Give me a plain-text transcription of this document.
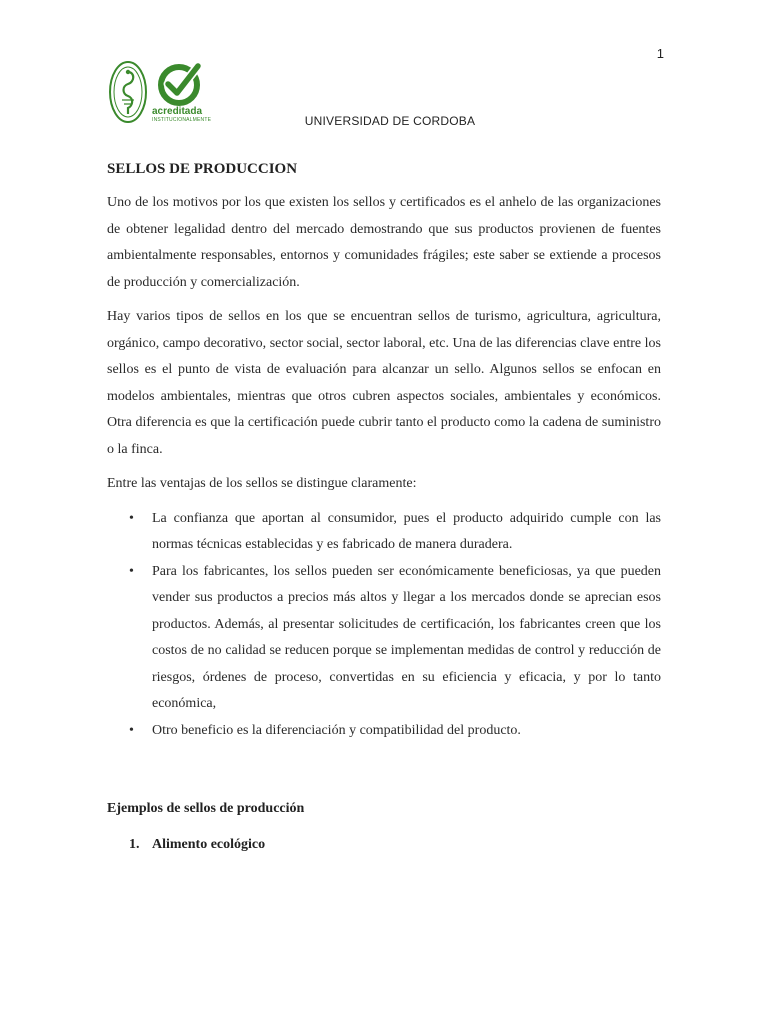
1
acreditada
INSTITUCIONALMENTE	UNIVERSIDAD DE CORDOBA
SELLOS DE PRODUCCION

Uno de los motivos por los que existen los sellos y certificados es el anhelo de las organizaciones de obtener legalidad dentro del mercado demostrando que sus productos provienen de fuentes ambientalmente responsables, entornos y comunidades frágiles; este saber se extiende a procesos de producción y comercialización.

Hay varios tipos de sellos en los que se encuentran sellos de turismo, agricultura, agricultura, orgánico, campo decorativo, sector social, sector laboral, etc. Una de las diferencias clave entre los sellos es el punto de vista de evaluación para alcanzar un sello. Algunos sellos se enfocan en modelos ambientales, mientras que otros cubren aspectos sociales, ambientales y económicos. Otra diferencia es que la certificación puede cubrir tanto el producto como la cadena de suministro o la finca.

Entre las ventajas de los sellos se distingue claramente:

• La confianza que aportan al consumidor, pues el producto adquirido cumple con las normas técnicas establecidas y es fabricado de manera duradera.
• Para los fabricantes, los sellos pueden ser económicamente beneficiosas, ya que pueden vender sus productos a precios más altos y llegar a los mercados donde se aprecian esos productos. Además, al presentar solicitudes de certificación, los fabricantes creen que los costos de no calidad se reducen porque se implementan medidas de control y reducción de riesgos, órdenes de proceso, convertidas en su eficiencia y eficacia, y por lo tanto económica,
• Otro beneficio es la diferenciación y compatibilidad del producto.
Ejemplos de sellos de producción
1. Alimento ecológico
